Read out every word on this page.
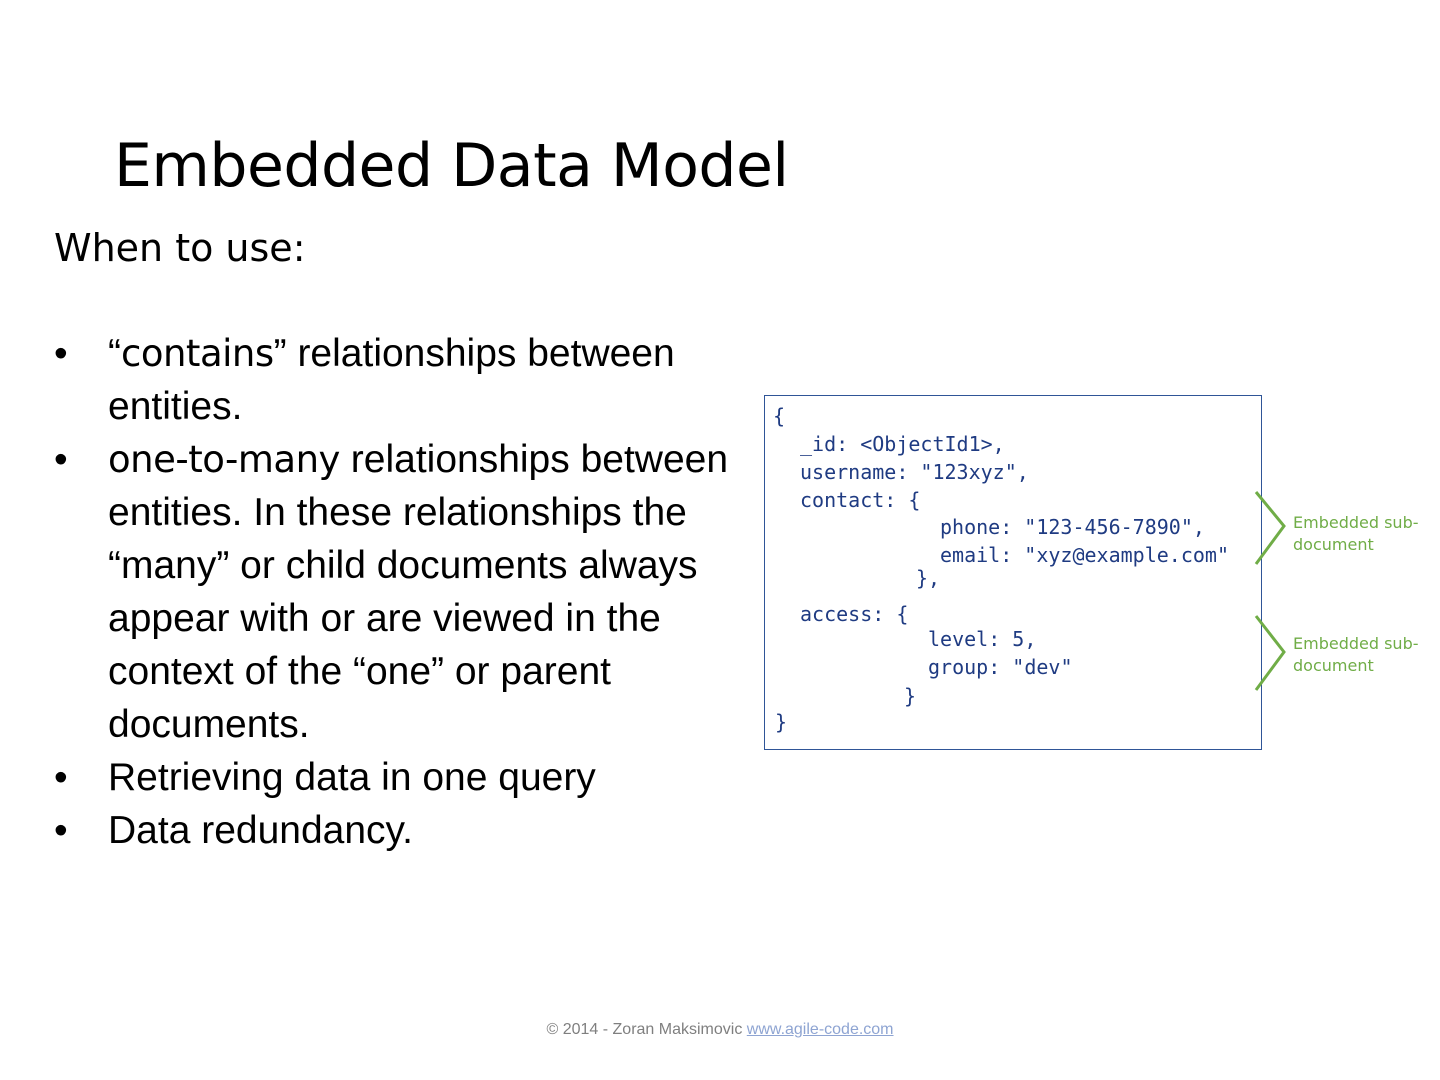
Embedded Data Model

When to use:

• “contains” relationships between entities.
• one-to-many relationships between entities. In these relationships the “many” or child documents always appear with or are viewed in the context of the “one” or parent documents.
• Retrieving data in one query
• Data redundancy.
{
_id: <ObjectId1>,
username: "123xyz",
contact: {
phone: "123-456-7890",
email: "xyz@example.com"
},
access: {
level: 5,
group: "dev"
}
}
Embedded sub-
document
Embedded sub-
document
© 2014 - Zoran Maksimovic www.agile-code.com
